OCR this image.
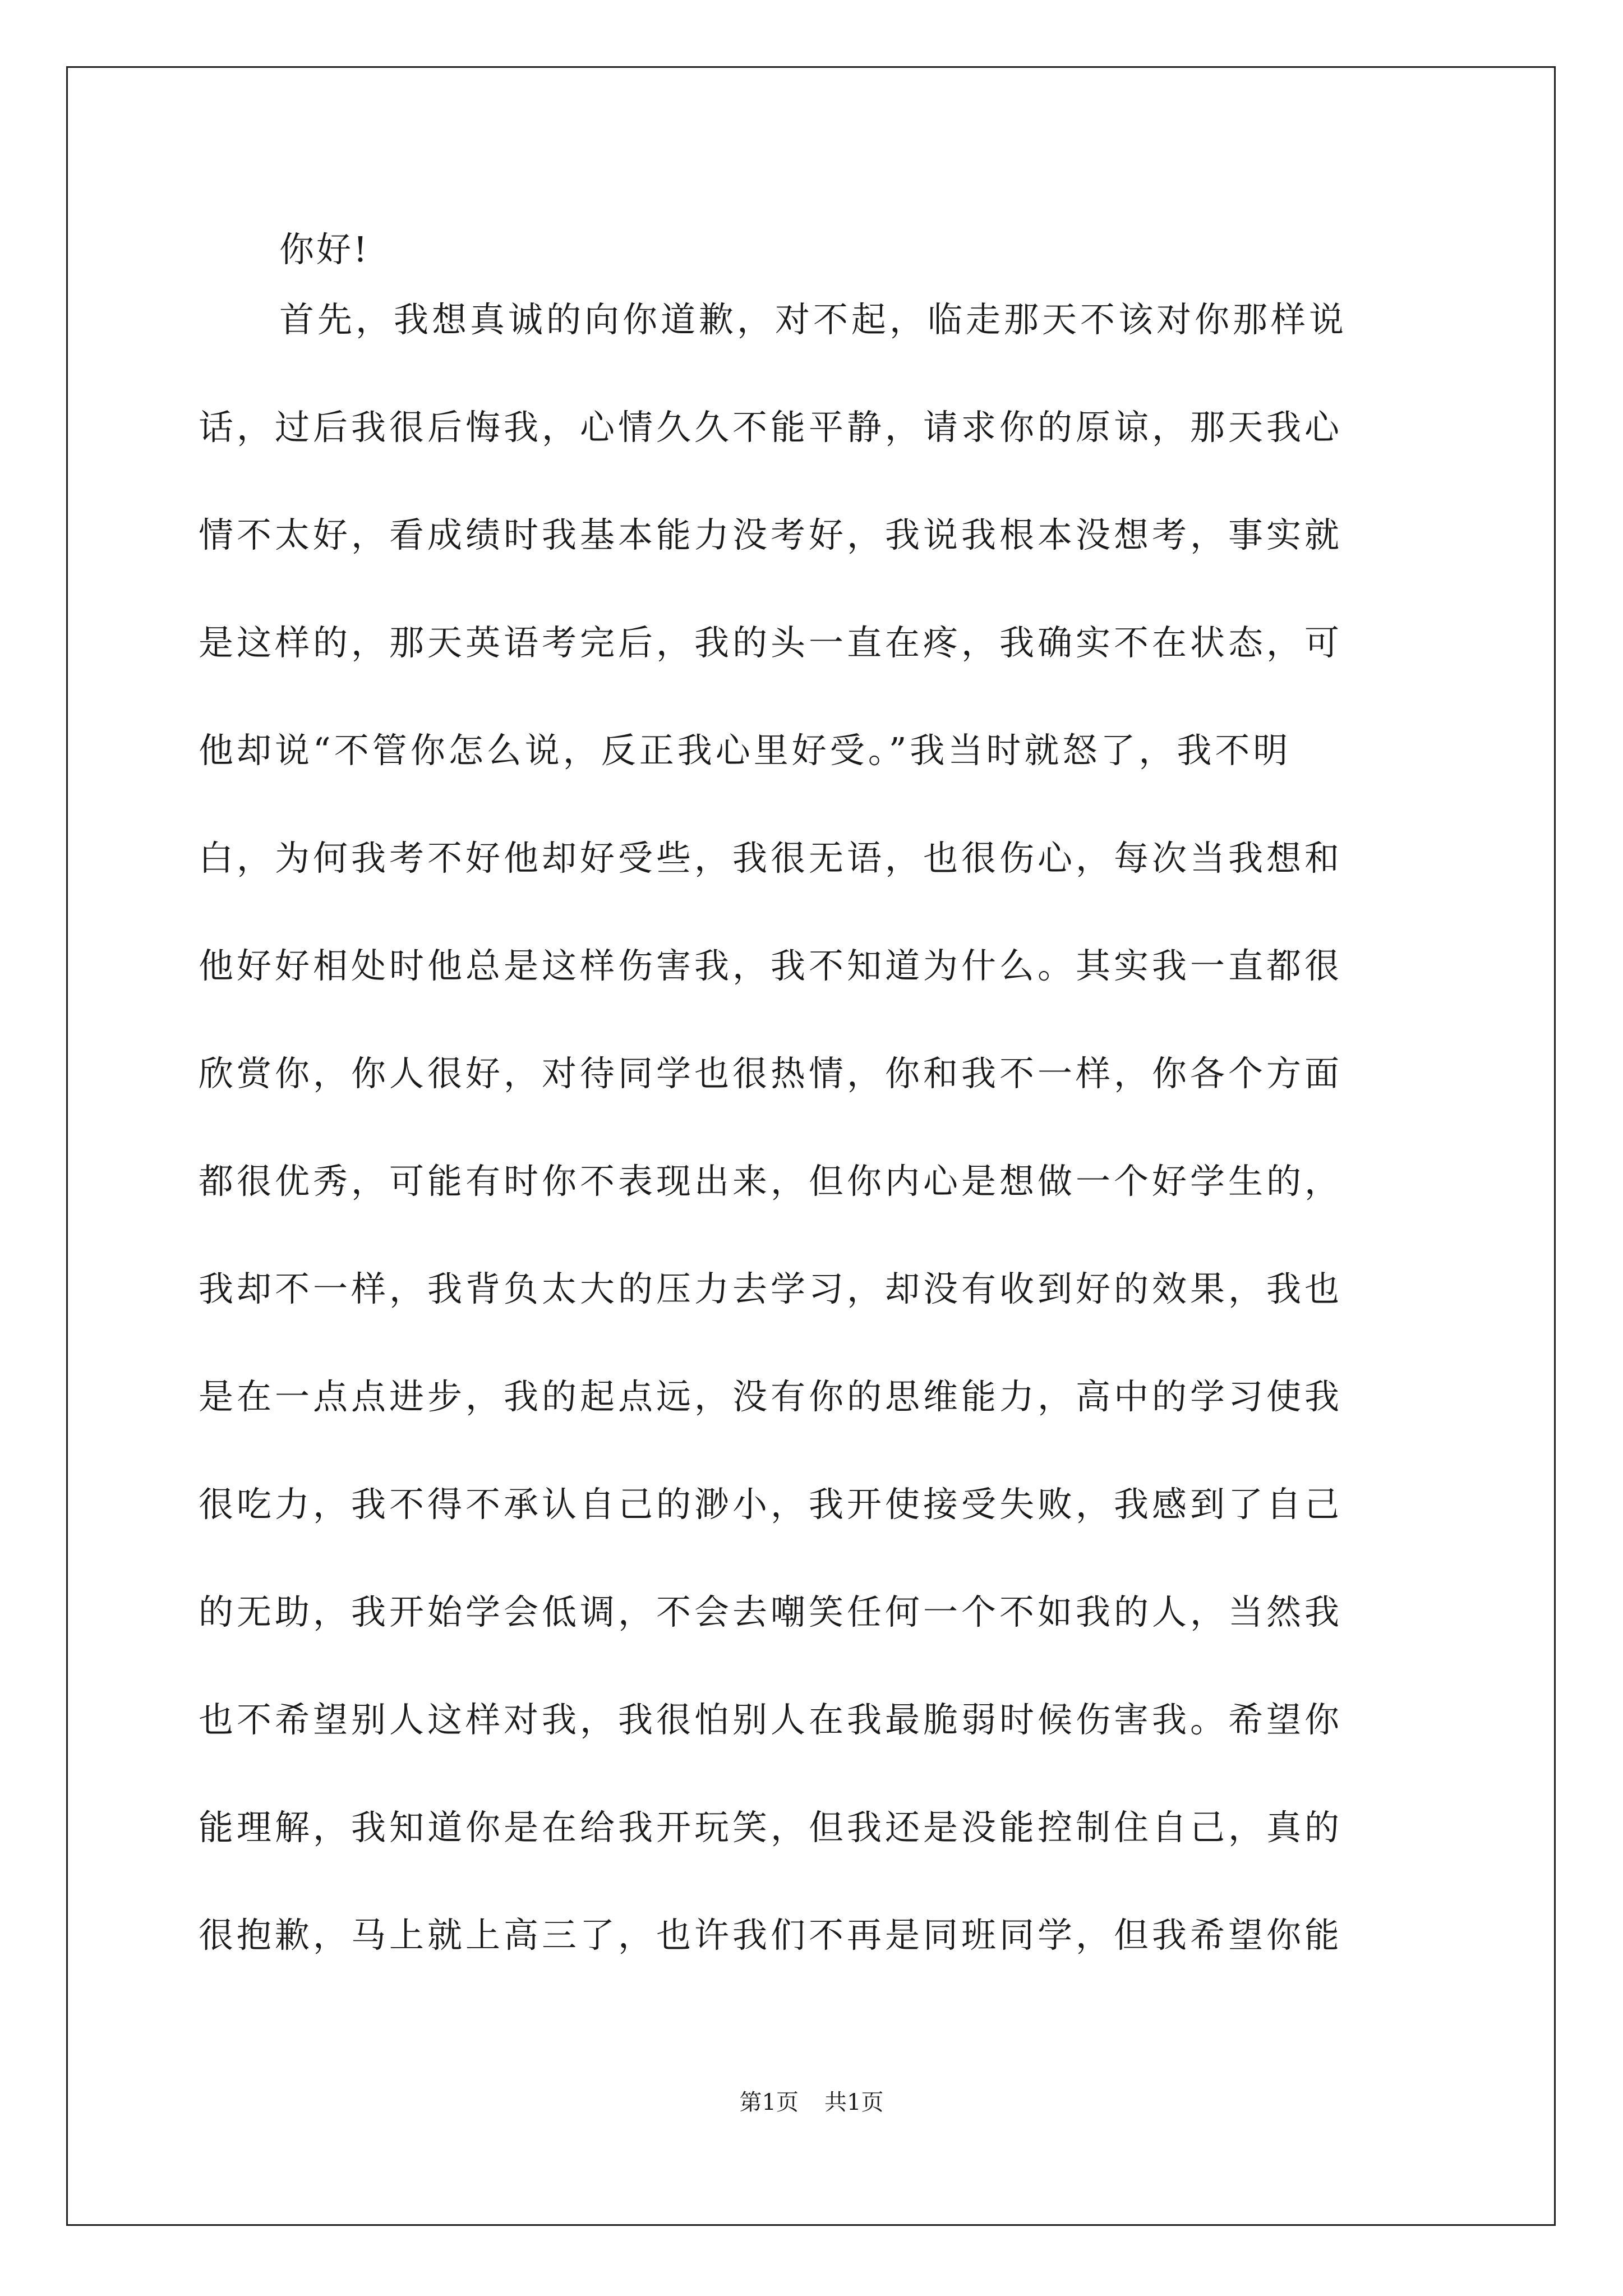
你好!
首先，我想真诚的向你道歉，对不起，临走那天不该对你那样说
话，过后我很后悔我，心情久久不能平静，请求你的原谅，那天我心
情不太好，看成绩时我基本能力没考好，我说我根本没想考，事实就
是这样的，那天英语考完后，我的头一直在疼，我确实不在状态，可
他却说“不管你怎么说，反正我心里好受。”我当时就怒了，我不明
白，为何我考不好他却好受些，我很无语，也很伤心，每次当我想和
他好好相处时他总是这样伤害我，我不知道为什么。其实我一直都很
欣赏你，你人很好，对待同学也很热情，你和我不一样，你各个方面
都很优秀，可能有时你不表现出来，但你内心是想做一个好学生的，
我却不一样，我背负太大的压力去学习，却没有收到好的效果，我也
是在一点点进步，我的起点远，没有你的思维能力，高中的学习使我
很吃力，我不得不承认自己的渺小，我开使接受失败，我感到了自己
的无助，我开始学会低调，不会去嘲笑任何一个不如我的人，当然我
也不希望别人这样对我，我很怕别人在我最脆弱时候伤害我。希望你
能理解，我知道你是在给我开玩笑，但我还是没能控制住自己，真的
很抱歉，马上就上高三了，也许我们不再是同班同学，但我希望你能
第1页 共1页
